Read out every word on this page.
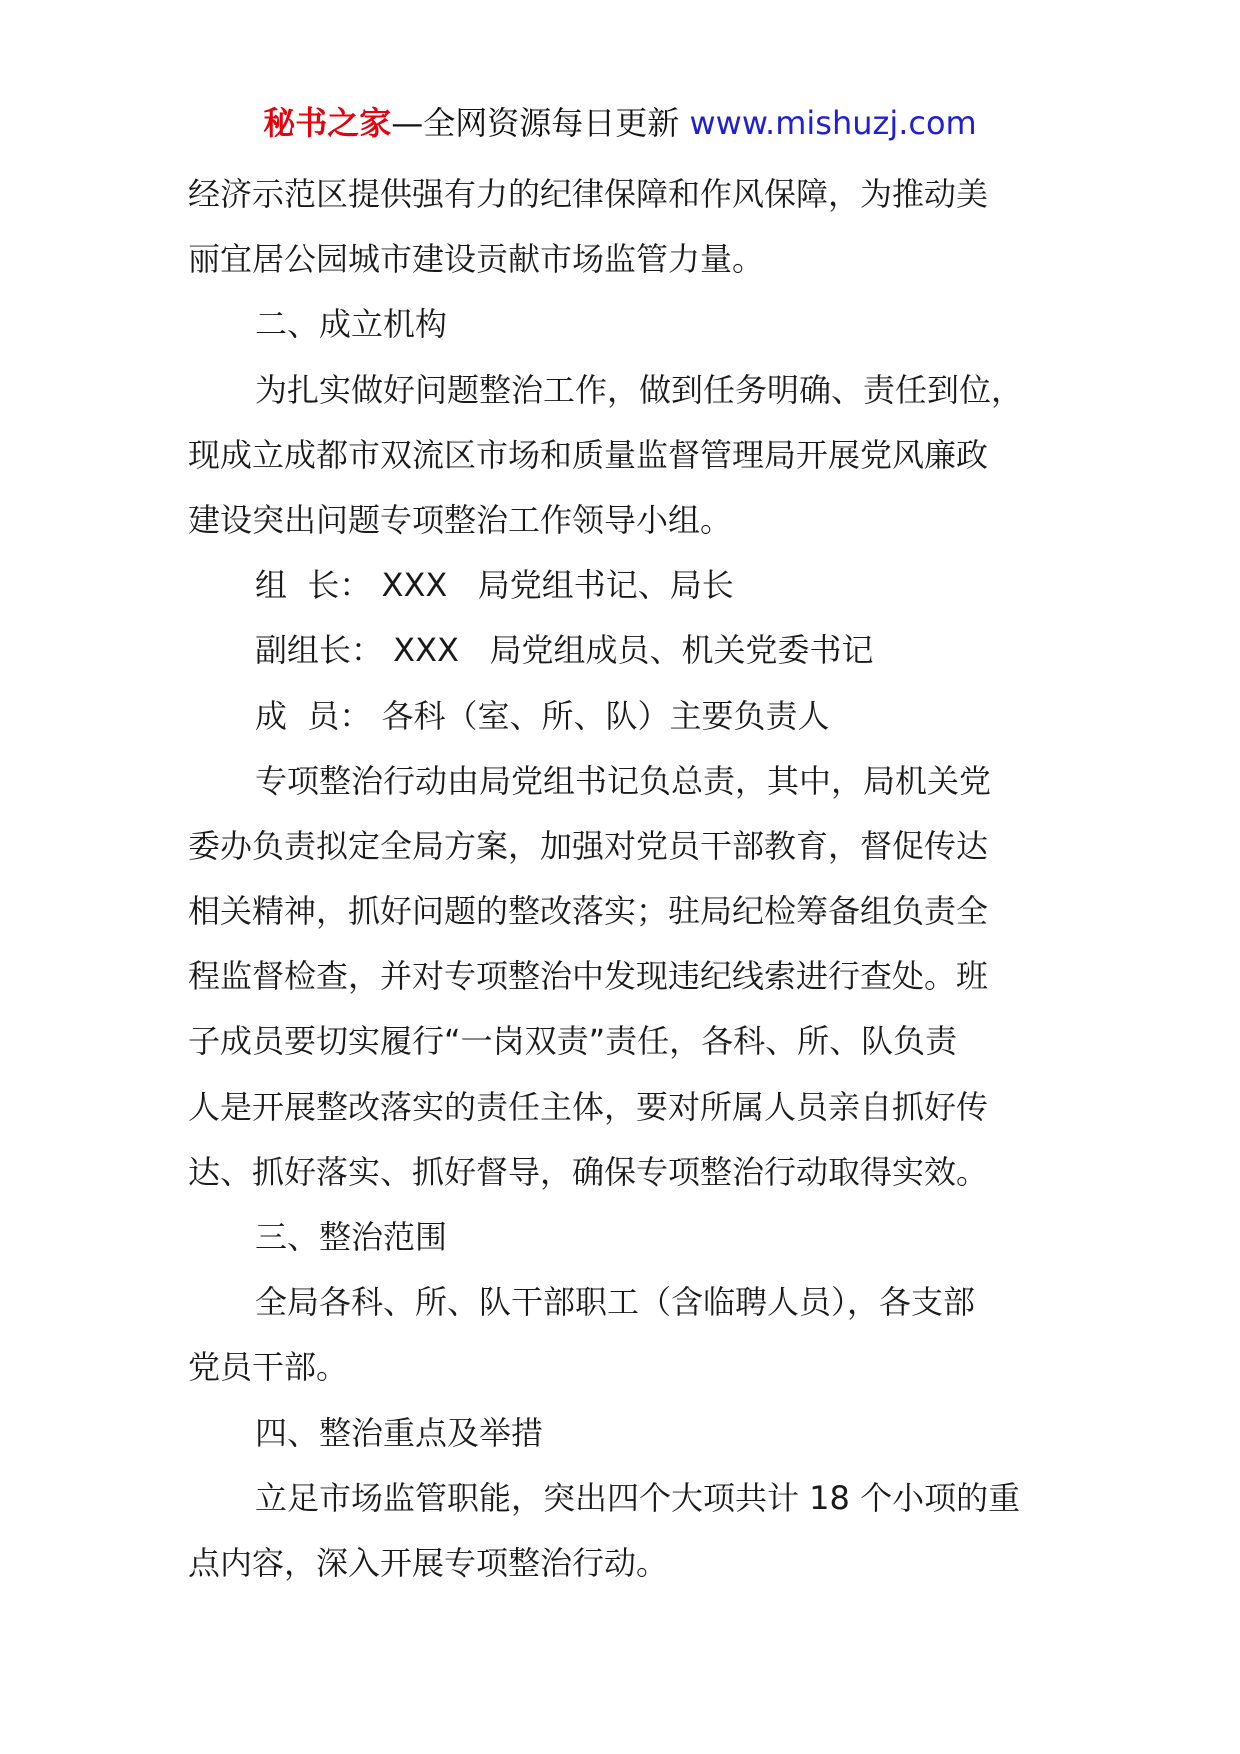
秘书之家—全网资源每日更新 www.mishuzj.com
经济示范区提供强有力的纪律保障和作风保障，为推动美
丽宜居公园城市建设贡献市场监管力量。
二、成立机构
为扎实做好问题整治工作，做到任务明确、责任到位，
现成立成都市双流区市场和质量监督管理局开展党风廉政
建设突出问题专项整治工作领导小组。
组  长： XXX   局党组书记、局长
副组长： XXX   局党组成员、机关党委书记
成  员： 各科（室、所、队）主要负责人
专项整治行动由局党组书记负总责，其中，局机关党
委办负责拟定全局方案，加强对党员干部教育，督促传达
相关精神，抓好问题的整改落实；驻局纪检筹备组负责全
程监督检查，并对专项整治中发现违纪线索进行查处。班
子成员要切实履行“一岗双责”责任，各科、所、队负责
人是开展整改落实的责任主体，要对所属人员亲自抓好传
达、抓好落实、抓好督导，确保专项整治行动取得实效。
三、整治范围
全局各科、所、队干部职工（含临聘人员），各支部
党员干部。
四、整治重点及举措
立足市场监管职能，突出四个大项共计 18 个小项的重
点内容，深入开展专项整治行动。
